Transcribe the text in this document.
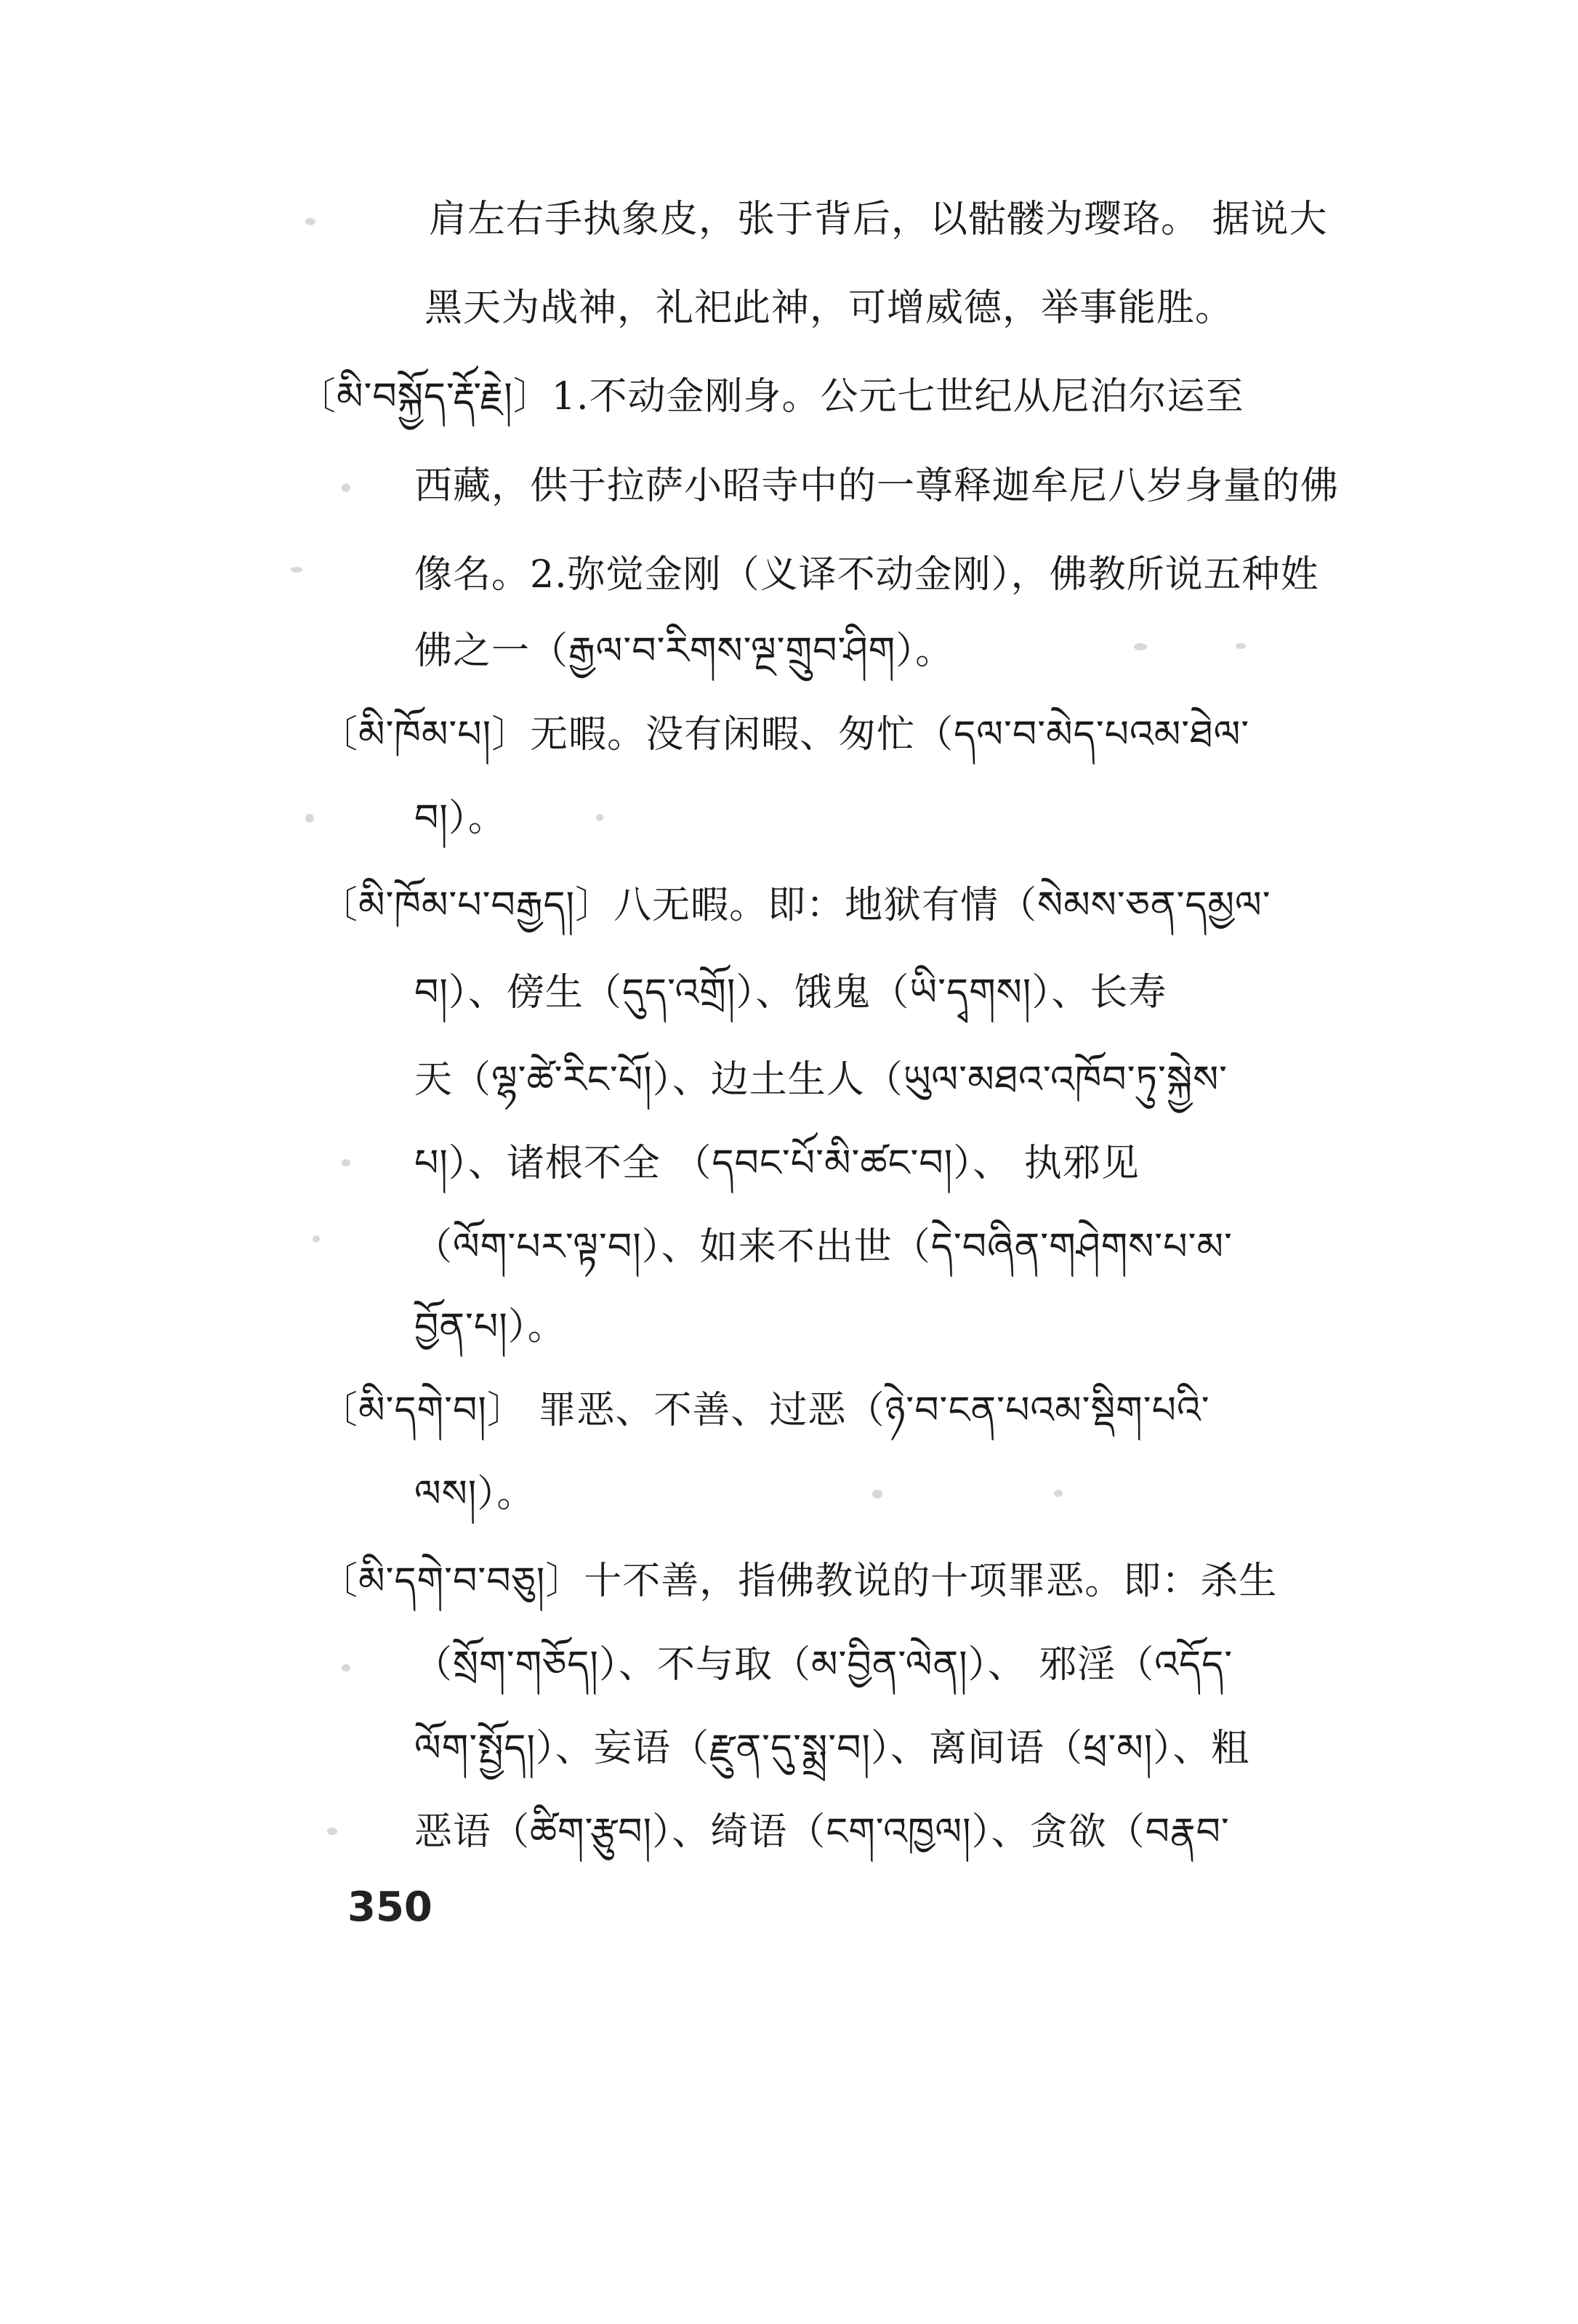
肩左右手执象皮，张于背后，以骷髅为璎珞。 据说大
黑天为战神，礼祀此神，可增威德，举事能胜。
〔མི་བསྐྱོད་རྡོ་རྗེ།〕1.不动金刚身。公元七世纪从尼泊尔运至
西藏，供于拉萨小昭寺中的一尊释迦牟尼八岁身量的佛
像名。2.弥觉金刚（义译不动金刚），佛教所说五种姓
佛之一（རྒྱལ་བ་རིགས་ལྔ་གྲུབ་ཤིག）。
〔མི་ཁོམ་པ།〕无暇。没有闲暇、匆忙（དལ་བ་མེད་པའམ་ཐེལ་
བ།）。
〔མི་ཁོམ་པ་བརྒྱད།〕八无暇。即：地狱有情（སེམས་ཅན་དམྱལ་
བ།）、傍生（དུད་འགྲོ།）、饿鬼（ཡི་དྭགས།）、长寿
天（ལྷ་ཚེ་རིང་པོ།）、边土生人（ཡུལ་མཐའ་འཁོབ་ཏུ་སྐྱེས་
པ།）、诸根不全 （དབང་པོ་མི་ཚང་བ།）、 执邪见
（ལོག་པར་ལྟ་བ།）、如来不出世（དེ་བཞིན་གཤེགས་པ་མ་
བྱོན་པ།）。
〔མི་དགེ་བ།〕 罪恶、不善、过恶（ཉེ་བ་ངན་པའམ་སྡིག་པའི་
ལས།）。
〔མི་དགེ་བ་བཅུ།〕十不善，指佛教说的十项罪恶。即：杀生
（སྲོག་གཅོད།）、不与取（མ་བྱིན་ལེན།）、 邪淫（འདོད་
ལོག་སྤྱོད།）、妄语（རྫུན་དུ་སྨྲ་བ།）、离间语（ཕྲ་མ།）、粗
恶语（ཚིག་རྩུབ།）、绮语（ངག་འཁྱལ།）、贪欲（བརྣབ་
350
